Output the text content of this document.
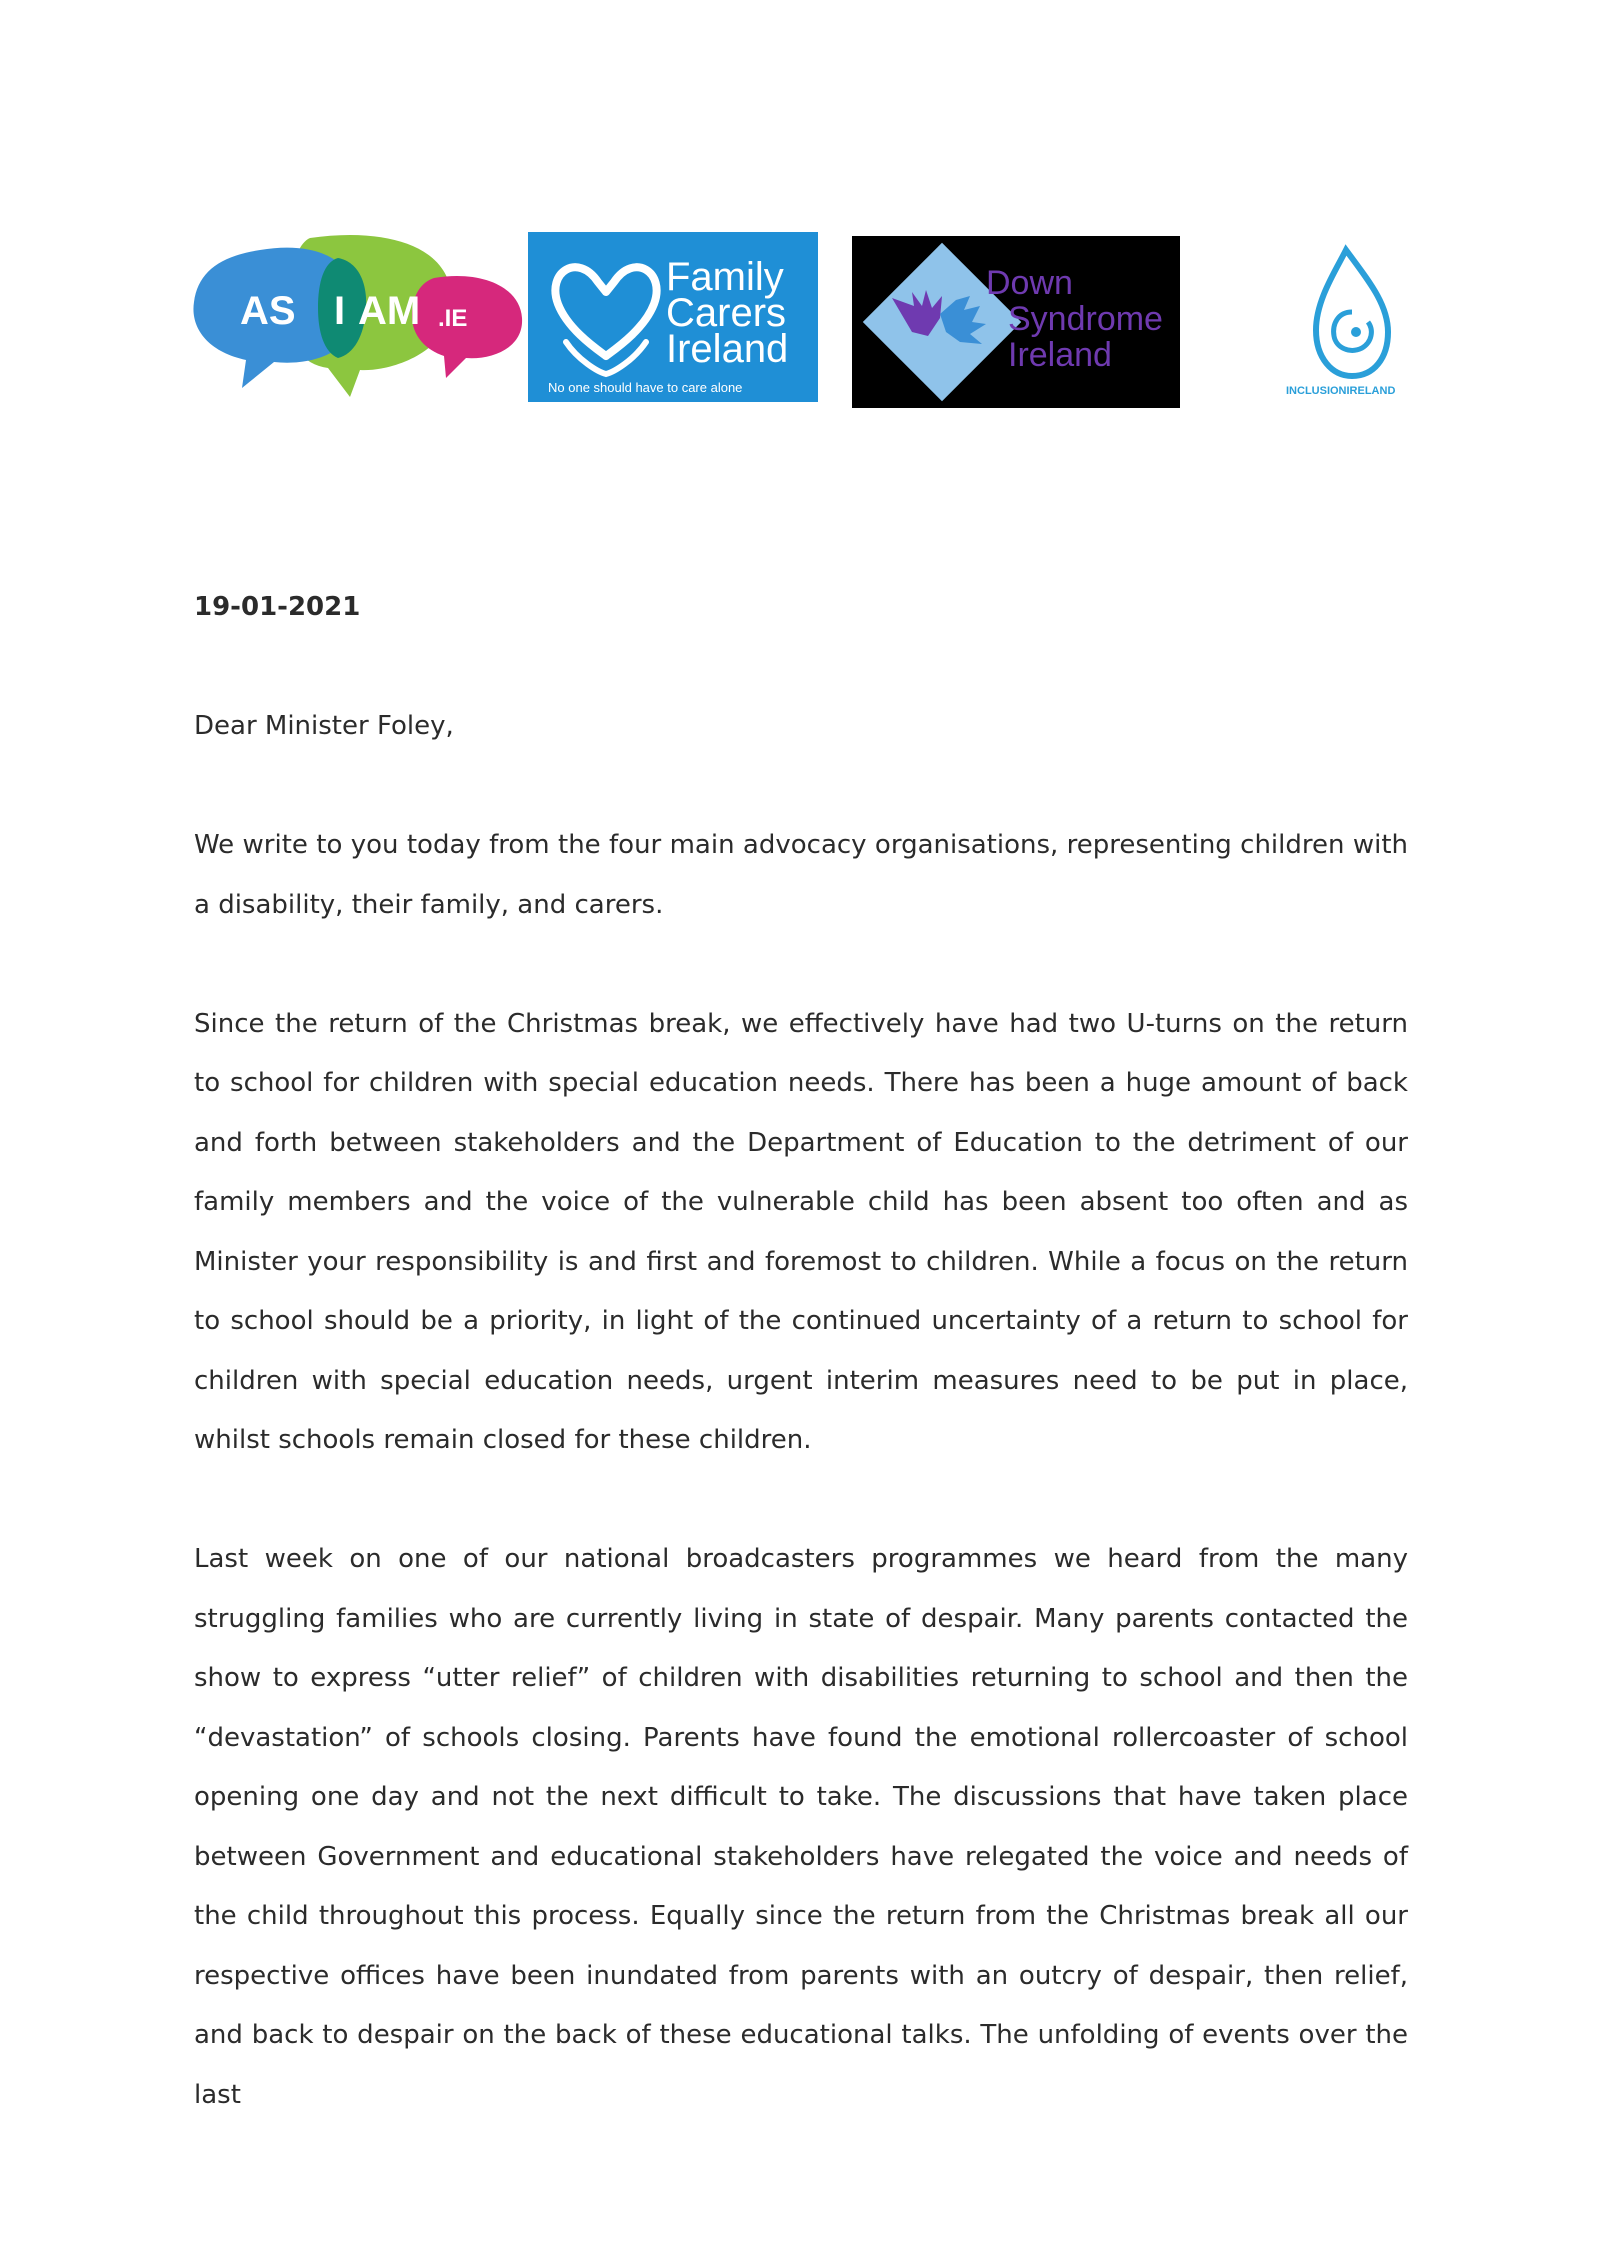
AS I AM .IE
Family
Carers
Ireland
No one should have to care alone
Down
Syndrome
Ireland
INCLUSIONIRELAND

19-01-2021

Dear Minister Foley,

We write to you today from the four main advocacy organisations, representing children with a disability, their family, and carers.

Since the return of the Christmas break, we effectively have had two U-turns on the return to school for children with special education needs. There has been a huge amount of back and forth between stakeholders and the Department of Education to the detriment of our family members and the voice of the vulnerable child has been absent too often and as Minister your responsibility is and first and foremost to children. While a focus on the return to school should be a priority, in light of the continued uncertainty of a return to school for children with special education needs, urgent interim measures need to be put in place, whilst schools remain closed for these children.

Last week on one of our national broadcasters programmes we heard from the many struggling families who are currently living in state of despair. Many parents contacted the show to express “utter relief” of children with disabilities returning to school and then the “devastation” of schools closing. Parents have found the emotional rollercoaster of school opening one day and not the next difficult to take. The discussions that have taken place between Government and educational stakeholders have relegated the voice and needs of the child throughout this process. Equally since the return from the Christmas break all our respective offices have been inundated from parents with an outcry of despair, then relief, and back to despair on the back of these educational talks. The unfolding of events over the last
